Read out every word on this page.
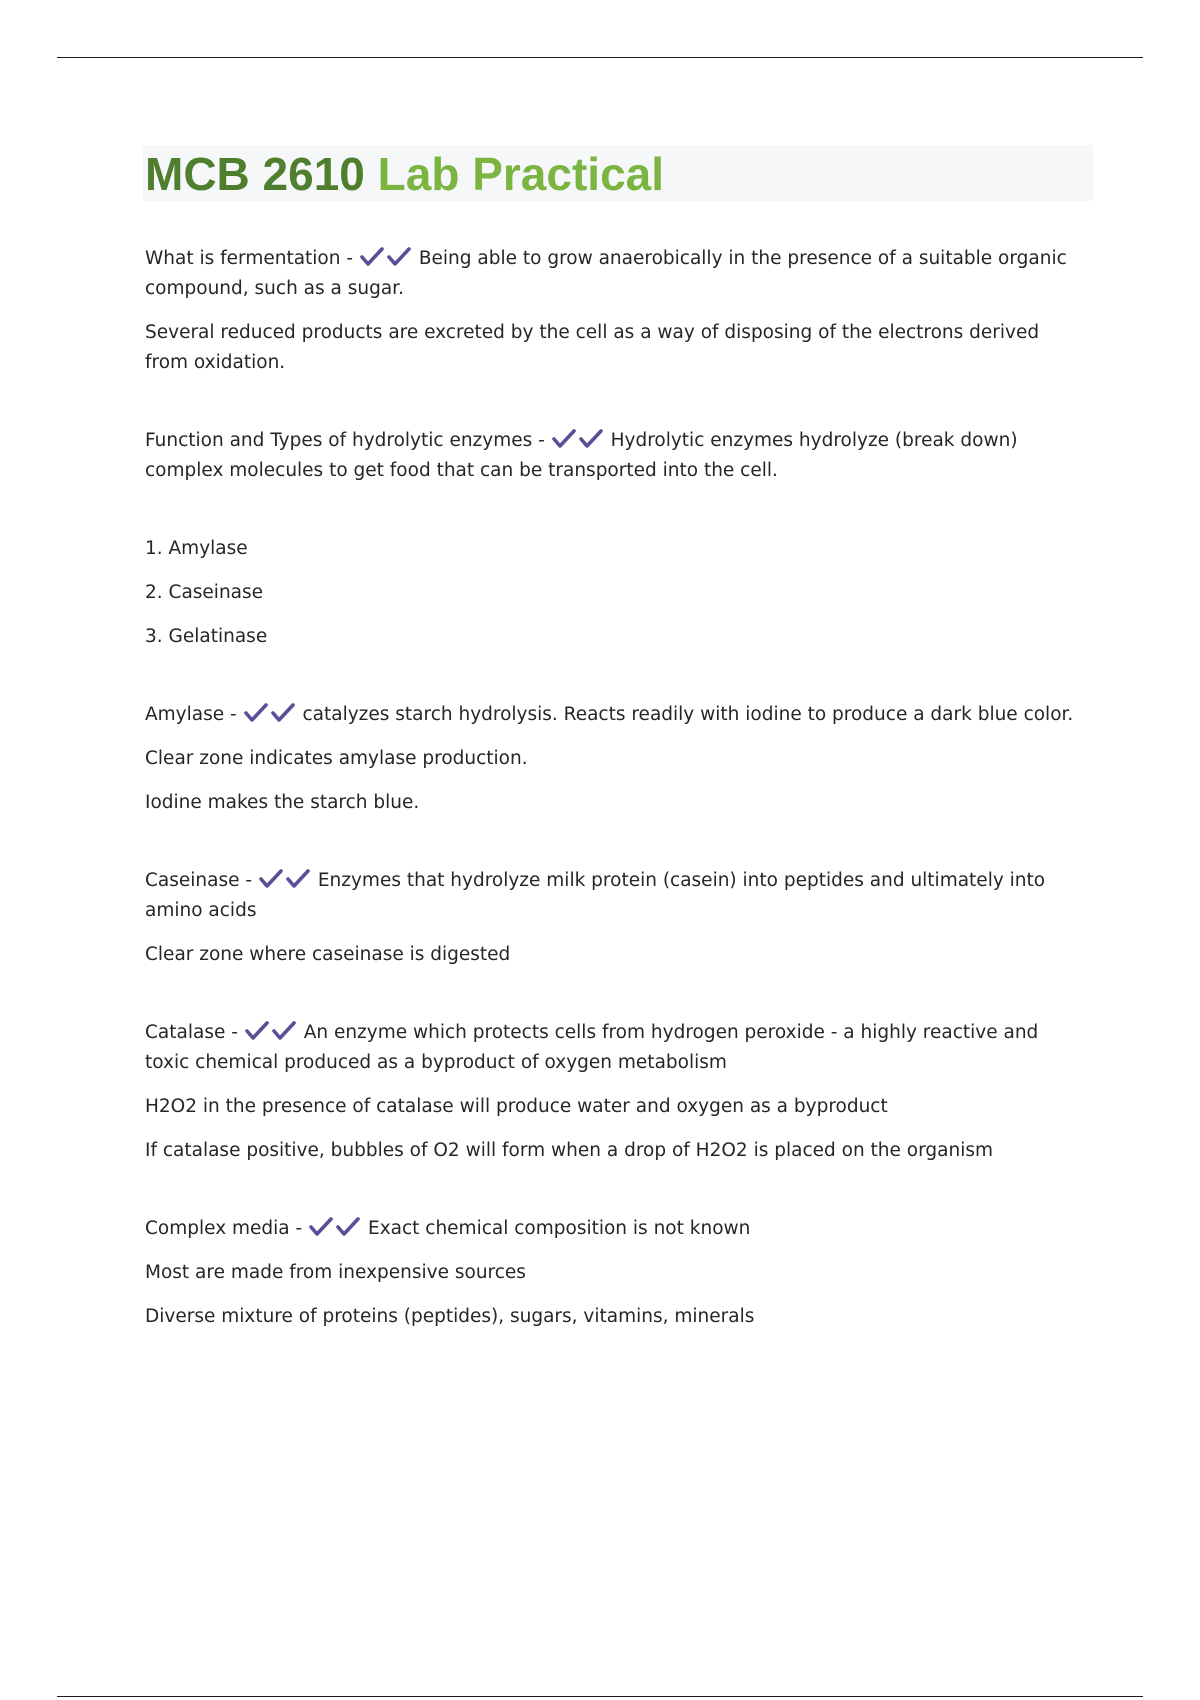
MCB 2610 Lab Practical

What is fermentation -	Being able to grow anaerobically in the presence of a suitable organic compound, such as a sugar.

Several reduced products are excreted by the cell as a way of disposing of the electrons derived from oxidation.

Function and Types of hydrolytic enzymes -	Hydrolytic enzymes hydrolyze (break down) complex molecules to get food that can be transported into the cell.

1. Amylase

2. Caseinase

3. Gelatinase

Amylase -	catalyzes starch hydrolysis. Reacts readily with iodine to produce a dark blue color.

Clear zone indicates amylase production.

Iodine makes the starch blue.

Caseinase -	Enzymes that hydrolyze milk protein (casein) into peptides and ultimately into amino acids

Clear zone where caseinase is digested

Catalase -	An enzyme which protects cells from hydrogen peroxide - a highly reactive and toxic chemical produced as a byproduct of oxygen metabolism

H2O2 in the presence of catalase will produce water and oxygen as a byproduct

If catalase positive, bubbles of O2 will form when a drop of H2O2 is placed on the organism

Complex media -	Exact chemical composition is not known

Most are made from inexpensive sources

Diverse mixture of proteins (peptides), sugars, vitamins, minerals
